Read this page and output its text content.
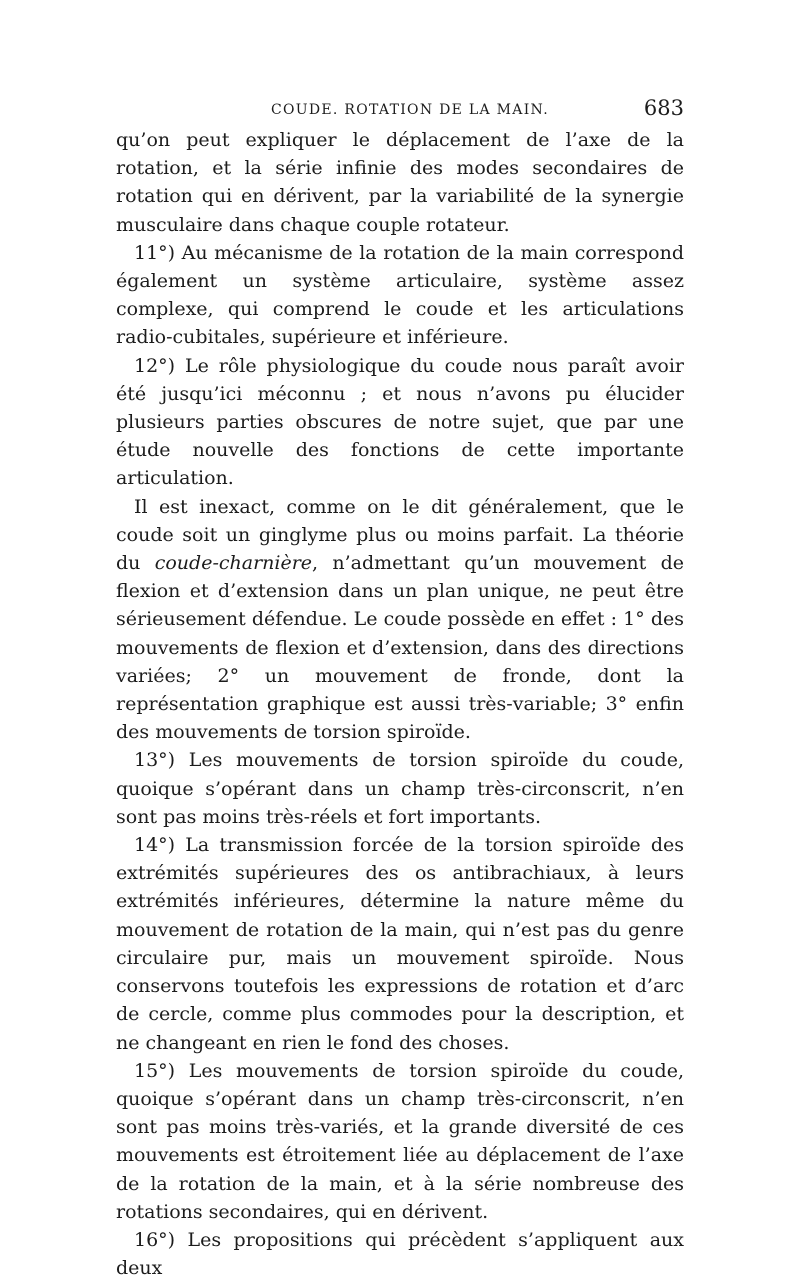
COUDE. ROTATION DE LA MAIN.	683

qu’on peut expliquer le déplacement de l’axe de la rotation, et la série infinie des modes secondaires de rotation qui en dérivent, par la variabilité de la synergie musculaire dans chaque couple rotateur.

11°) Au mécanisme de la rotation de la main correspond également un système articulaire, système assez complexe, qui comprend le coude et les articulations radio-cubitales, supérieure et inférieure.

12°) Le rôle physiologique du coude nous paraît avoir été jusqu’ici méconnu ; et nous n’avons pu élucider plusieurs parties obscures de notre sujet, que par une étude nouvelle des fonctions de cette importante articulation.

Il est inexact, comme on le dit généralement, que le coude soit un ginglyme plus ou moins parfait. La théorie du coude-charnière, n’admettant qu’un mouvement de flexion et d’extension dans un plan unique, ne peut être sérieusement défendue. Le coude possède en effet : 1° des mouvements de flexion et d’extension, dans des directions variées; 2° un mouvement de fronde, dont la représentation graphique est aussi très-variable; 3° enfin des mouvements de torsion spiroïde.

13°) Les mouvements de torsion spiroïde du coude, quoique s’opérant dans un champ très-circonscrit, n’en sont pas moins très-réels et fort importants.

14°) La transmission forcée de la torsion spiroïde des extrémités supérieures des os antibrachiaux, à leurs extrémités inférieures, détermine la nature même du mouvement de rotation de la main, qui n’est pas du genre circulaire pur, mais un mouvement spiroïde. Nous conservons toutefois les expressions de rotation et d’arc de cercle, comme plus commodes pour la description, et ne changeant en rien le fond des choses.

15°) Les mouvements de torsion spiroïde du coude, quoique s’opérant dans un champ très-circonscrit, n’en sont pas moins très-variés, et la grande diversité de ces mouvements est étroitement liée au déplacement de l’axe de la rotation de la main, et à la série nombreuse des rotations secondaires, qui en dérivent.

16°) Les propositions qui précèdent s’appliquent aux deux
